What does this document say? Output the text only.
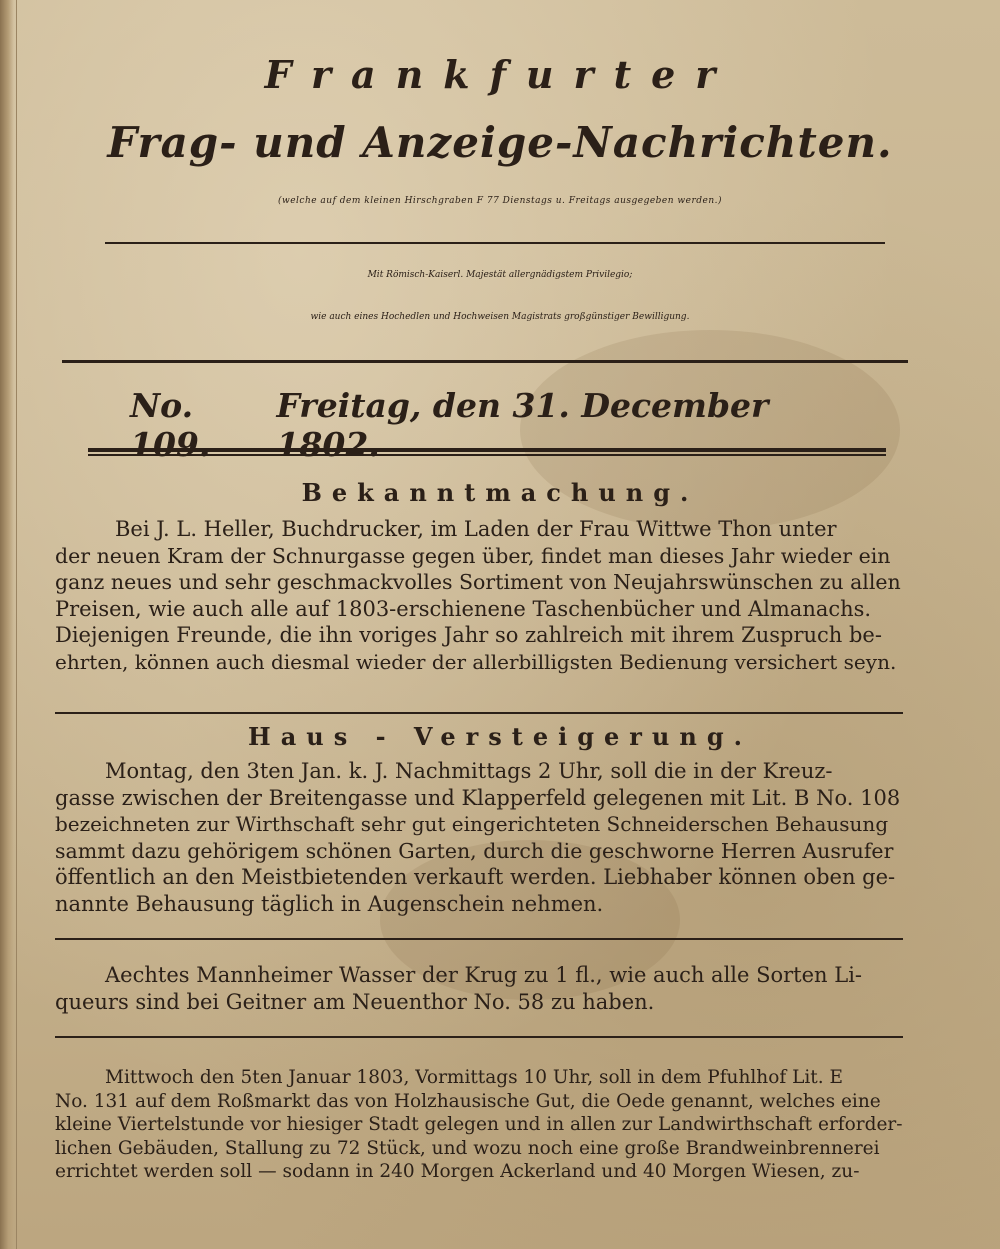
Frankfurter
Frag- und Anzeige-Nachrichten.
(welche auf dem kleinen Hirschgraben F 77 Dienstags u. Freitags ausgegeben werden.)
Mit Römisch-Kaiserl. Majestät allergnädigstem Privilegio;
wie auch eines Hochedlen und Hochweisen Magistrats großgünstiger Bewilligung.
No. 109.
Freitag, den 31. December 1802.
Bekanntmachung.
Bei J. L. Heller, Buchdrucker, im Laden der Frau Wittwe Thon unter
der neuen Kram der Schnurgasse gegen über, findet man dieses Jahr wieder ein
ganz neues und sehr geschmackvolles Sortiment von Neujahrswünschen zu allen
Preisen, wie auch alle auf 1803-erschienene Taschenbücher und Almanachs.
Diejenigen Freunde, die ihn voriges Jahr so zahlreich mit ihrem Zuspruch be-
ehrten, können auch diesmal wieder der allerbilligsten Bedienung versichert seyn.
Haus - Versteigerung.
Montag, den 3ten Jan. k. J. Nachmittags 2 Uhr, soll die in der Kreuz-
gasse zwischen der Breitengasse und Klapperfeld gelegenen mit Lit. B No. 108
bezeichneten zur Wirthschaft sehr gut eingerichteten Schneiderschen Behausung
sammt dazu gehörigem schönen Garten, durch die geschworne Herren Ausrufer
öffentlich an den Meistbietenden verkauft werden. Liebhaber können oben ge-
nannte Behausung täglich in Augenschein nehmen.
Aechtes Mannheimer Wasser der Krug zu 1 fl., wie auch alle Sorten Li-
queurs sind bei Geitner am Neuenthor No. 58 zu haben.
Mittwoch den 5ten Januar 1803, Vormittags 10 Uhr, soll in dem Pfuhlhof Lit. E
No. 131 auf dem Roßmarkt das von Holzhausische Gut, die Oede genannt, welches eine
kleine Viertelstunde vor hiesiger Stadt gelegen und in allen zur Landwirthschaft erforder-
lichen Gebäuden, Stallung zu 72 Stück, und wozu noch eine große Brandweinbrennerei
errichtet werden soll — sodann in 240 Morgen Ackerland und 40 Morgen Wiesen, zu-
